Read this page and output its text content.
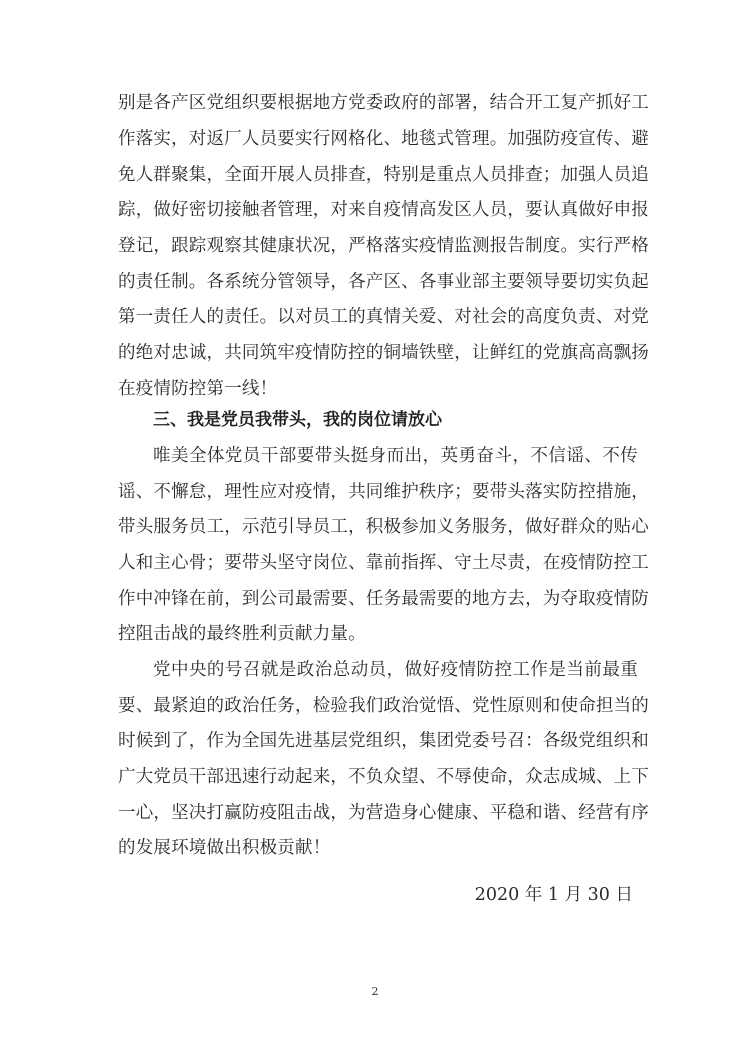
别是各产区党组织要根据地方党委政府的部署，结合开工复产抓好工
作落实，对返厂人员要实行网格化、地毯式管理。加强防疫宣传、避
免人群聚集，全面开展人员排查，特别是重点人员排查；加强人员追
踪，做好密切接触者管理，对来自疫情高发区人员，要认真做好申报
登记，跟踪观察其健康状况，严格落实疫情监测报告制度。实行严格
的责任制。各系统分管领导，各产区、各事业部主要领导要切实负起
第一责任人的责任。以对员工的真情关爱、对社会的高度负责、对党
的绝对忠诚，共同筑牢疫情防控的铜墙铁壁，让鲜红的党旗高高飘扬
在疫情防控第一线！
三、我是党员我带头，我的岗位请放心
唯美全体党员干部要带头挺身而出，英勇奋斗，不信谣、不传
谣、不懈怠，理性应对疫情，共同维护秩序；要带头落实防控措施，
带头服务员工，示范引导员工，积极参加义务服务，做好群众的贴心
人和主心骨；要带头坚守岗位、靠前指挥、守土尽责，在疫情防控工
作中冲锋在前，到公司最需要、任务最需要的地方去，为夺取疫情防
控阻击战的最终胜利贡献力量。
党中央的号召就是政治总动员，做好疫情防控工作是当前最重
要、最紧迫的政治任务，检验我们政治觉悟、党性原则和使命担当的
时候到了，作为全国先进基层党组织，集团党委号召：各级党组织和
广大党员干部迅速行动起来，不负众望、不辱使命，众志成城、上下
一心，坚决打赢防疫阻击战，为营造身心健康、平稳和谐、经营有序
的发展环境做出积极贡献！
2020 年 1 月 30 日
2
